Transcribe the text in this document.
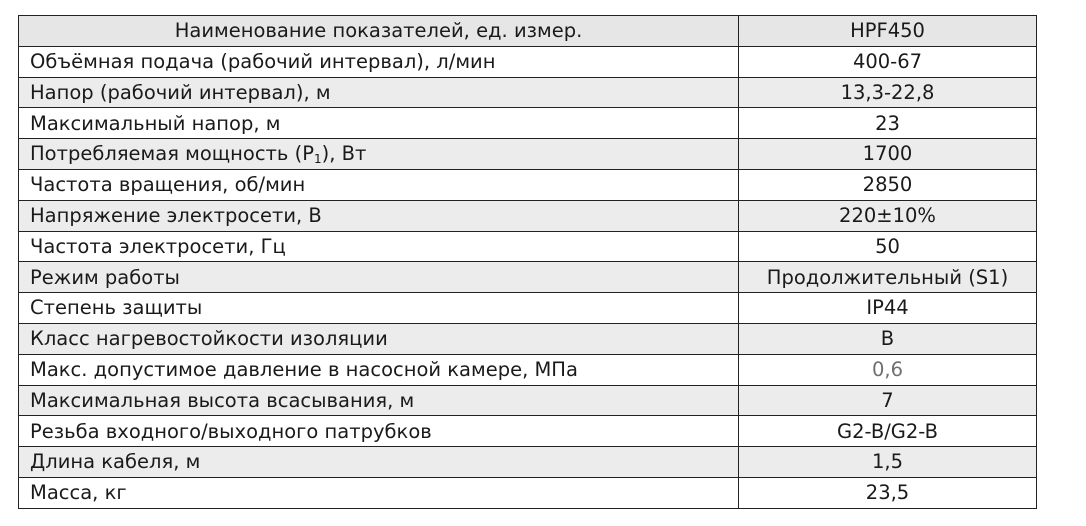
Наименование показателей, ед. измер.	HPF450
Объёмная подача (рабочий интервал), л/мин	400-67
Напор (рабочий интервал), м	13,3-22,8
Максимальный напор, м	23
Потребляемая мощность $(P_1)$, Вт	1700
Частота вращения, об/мин	2850
Напряжение электросети, В	220±10%
Частота электросети, Гц	50
Режим работы	Продолжительный (S1)
Степень защиты	IP44
Класс нагревостойкости изоляции	B
Макс. допустимое давление в насосной камере, МПа	0,6
Максимальная высота всасывания, м	7
Резьба входного/выходного патрубков	G2-B/G2-B
Длина кабеля, м	1,5
Масса, кг	23,5
